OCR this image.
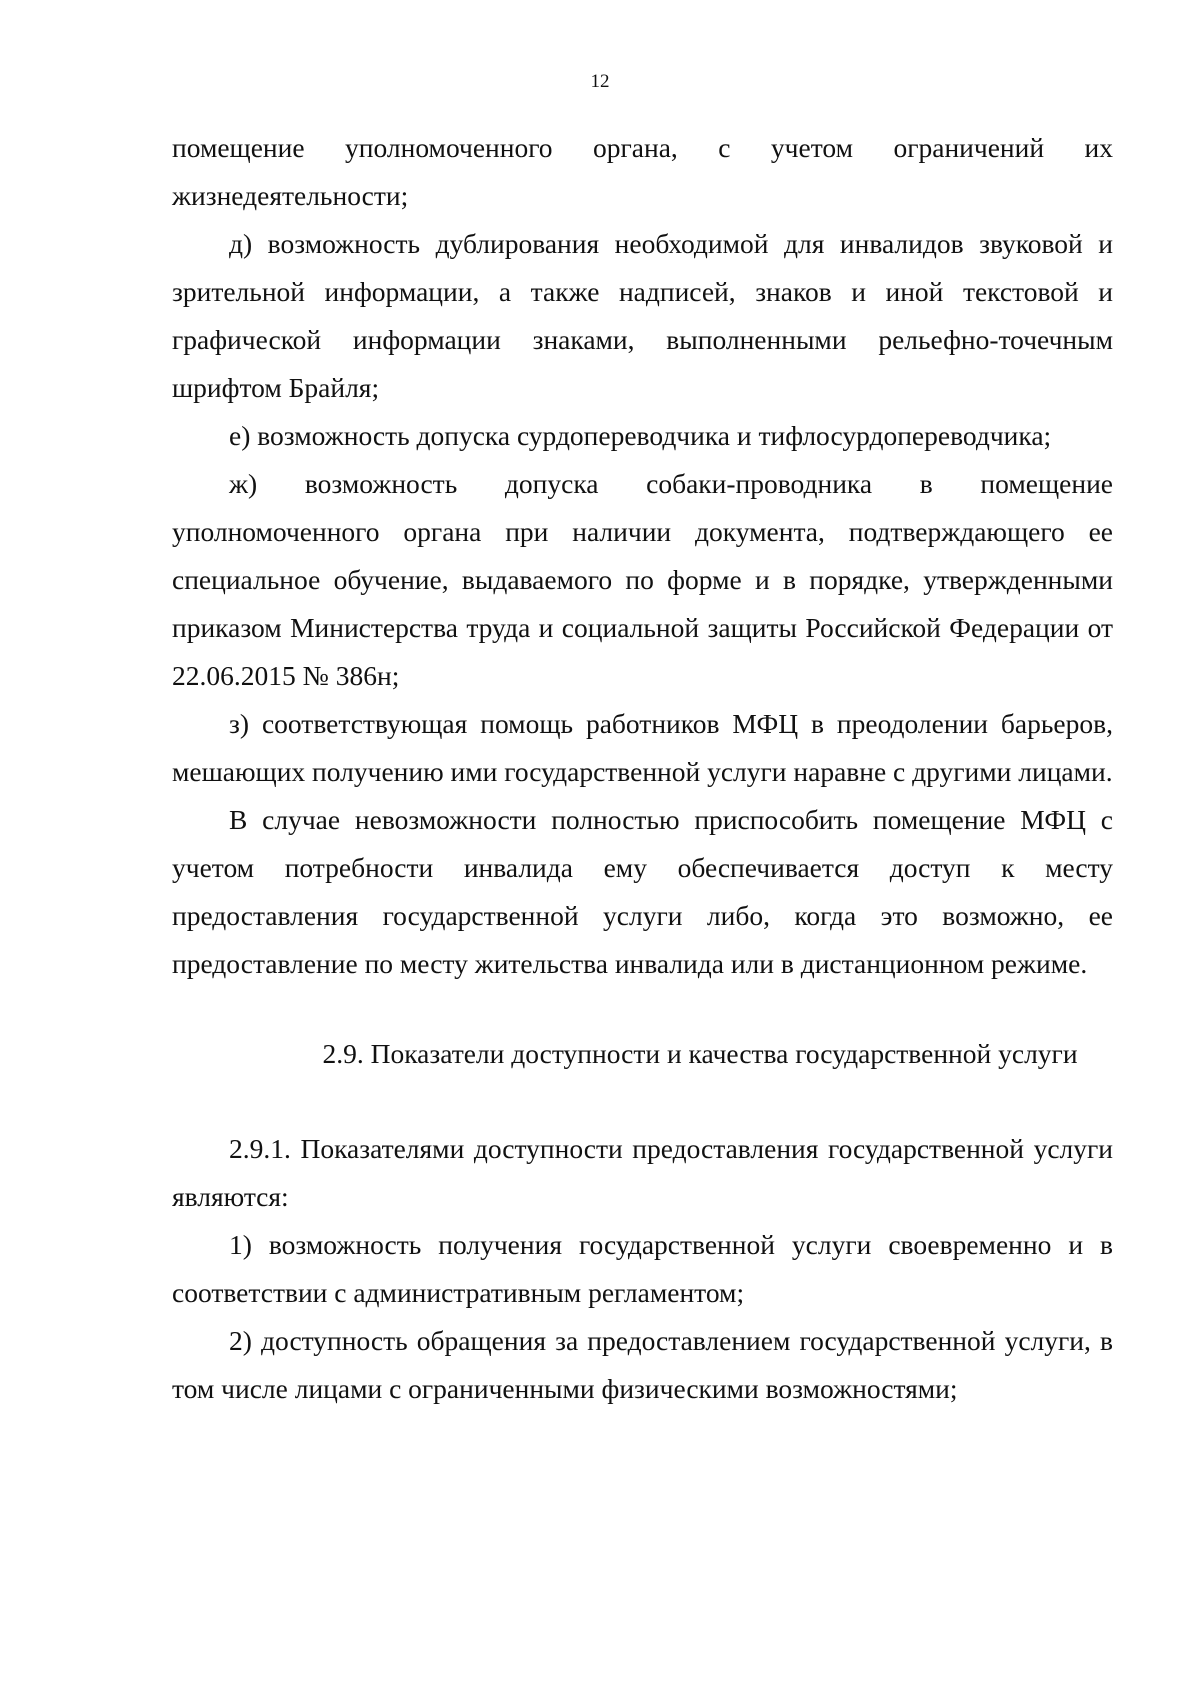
12

помещение уполномоченного органа, с учетом ограничений их жизнедеятельности;

д) возможность дублирования необходимой для инвалидов звуковой и зрительной информации, а также надписей, знаков и иной текстовой и графической информации знаками, выполненными рельефно-точечным шрифтом Брайля;

е) возможность допуска сурдопереводчика и тифлосурдопереводчика;

ж) возможность допуска собаки-проводника в помещение уполномоченного органа при наличии документа, подтверждающего ее специальное обучение, выдаваемого по форме и в порядке, утвержденными приказом Министерства труда и социальной защиты Российской Федерации от 22.06.2015 № 386н;

з) соответствующая помощь работников МФЦ в преодолении барьеров, мешающих получению ими государственной услуги наравне с другими лицами.

В случае невозможности полностью приспособить помещение МФЦ с учетом потребности инвалида ему обеспечивается доступ к месту предоставления государственной услуги либо, когда это возможно, ее предоставление по месту жительства инвалида или в дистанционном режиме.

2.9. Показатели доступности и качества государственной услуги

2.9.1. Показателями доступности предоставления государственной услуги являются:

1) возможность получения государственной услуги своевременно и в соответствии с административным регламентом;

2) доступность обращения за предоставлением государственной услуги, в том числе лицами с ограниченными физическими возможностями;
